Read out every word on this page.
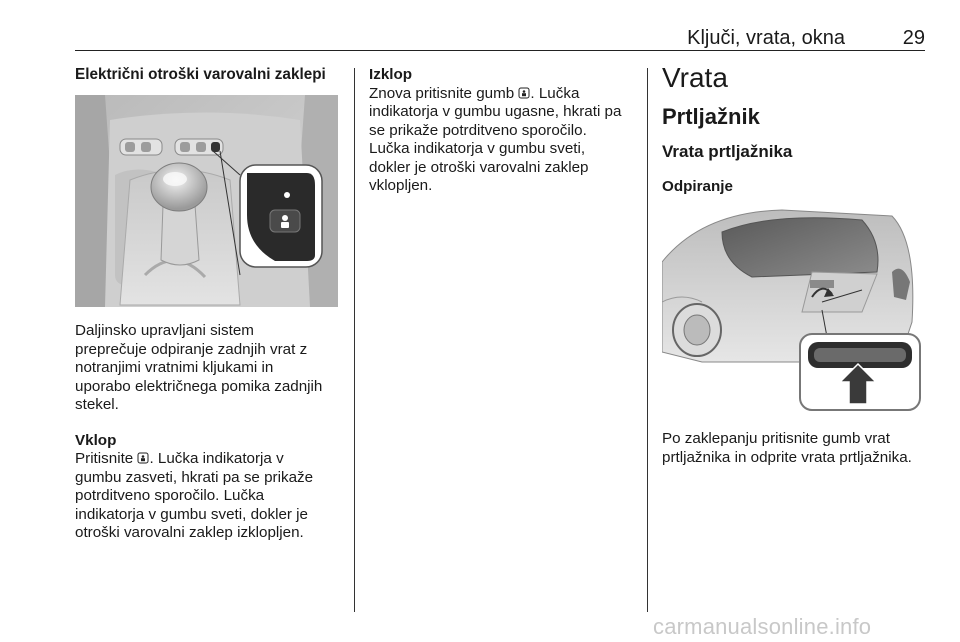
Ključi, vrata, okna	29
Električni otroški varovalni zaklepi

Daljinsko upravljani sistem

preprečuje odpiranje zadnjih vrat z

notranjimi vratnimi kljukami in

uporabo električnega pomika zadnjih

stekel.

Vklop

Pritisnite . Lučka indikatorja v

gumbu zasveti, hkrati pa se prikaže

potrditveno sporočilo. Lučka

indikatorja v gumbu sveti, dokler je

otroški varovalni zaklep izklopljen.

Izklop

Znova pritisnite gumb . Lučka

indikatorja v gumbu ugasne, hkrati pa

se prikaže potrditveno sporočilo.

Lučka indikatorja v gumbu sveti,

dokler je otroški varovalni zaklep

vklopljen.

Vrata
Prtljažnik
Vrata prtljažnika
Odpiranje

Po zaklepanju pritisnite gumb vrat

prtljažnika in odprite vrata prtljažnika.

carmanualsonline.info
